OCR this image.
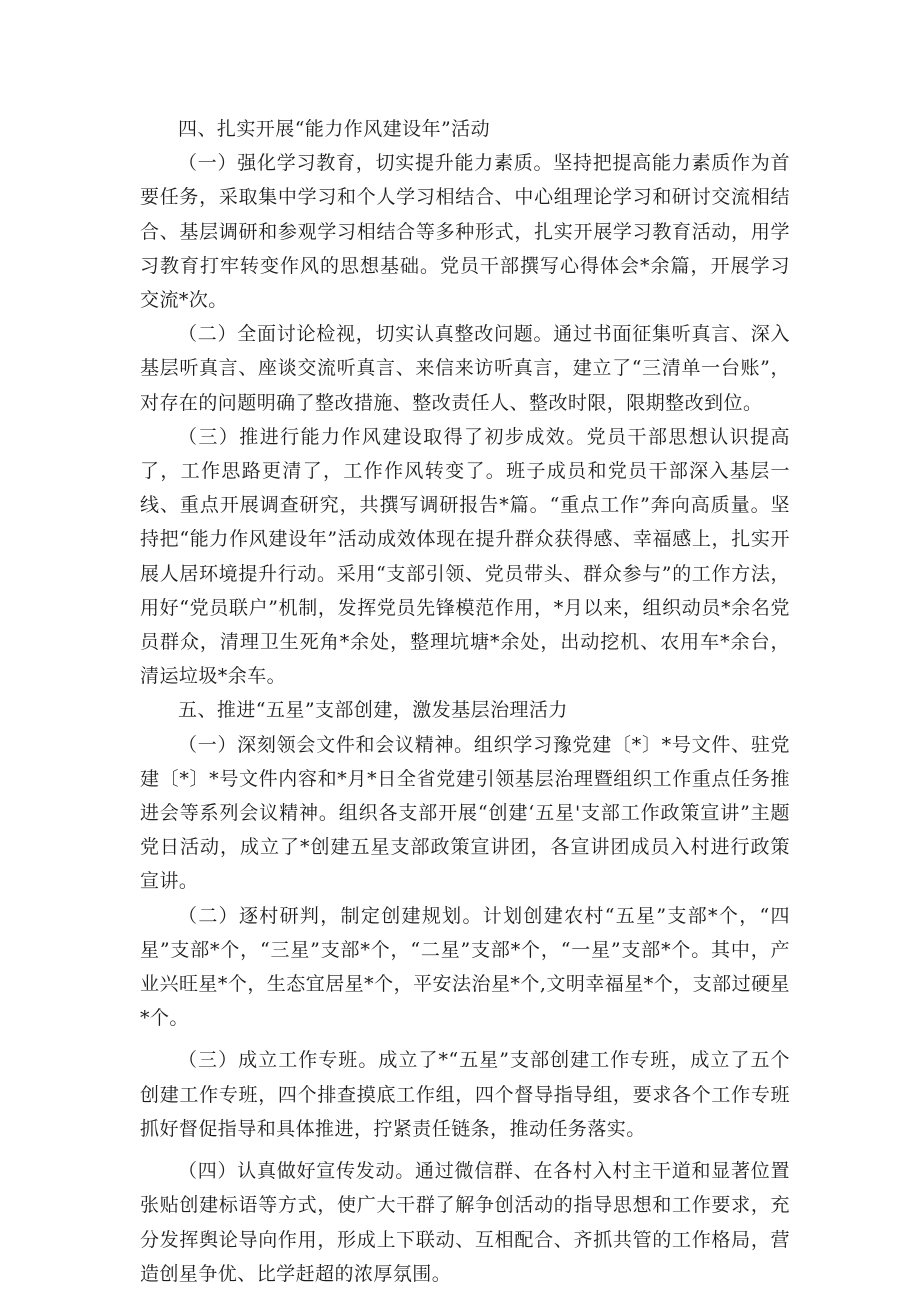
四、扎实开展“能力作风建设年”活动

（一）强化学习教育，切实提升能力素质。坚持把提高能力素质作为首要任务，采取集中学习和个人学习相结合、中心组理论学习和研讨交流相结合、基层调研和参观学习相结合等多种形式，扎实开展学习教育活动，用学习教育打牢转变作风的思想基础。党员干部撰写心得体会*余篇，开展学习交流*次。

（二）全面讨论检视，切实认真整改问题。通过书面征集听真言、深入基层听真言、座谈交流听真言、来信来访听真言，建立了“三清单一台账”，对存在的问题明确了整改措施、整改责任人、整改时限，限期整改到位。

（三）推进行能力作风建设取得了初步成效。党员干部思想认识提高了，工作思路更清了，工作作风转变了。班子成员和党员干部深入基层一线、重点开展调查研究，共撰写调研报告*篇。“重点工作”奔向高质量。坚持把“能力作风建设年”活动成效体现在提升群众获得感、幸福感上，扎实开展人居环境提升行动。采用“支部引领、党员带头、群众参与”的工作方法，用好“党员联户”机制，发挥党员先锋模范作用，*月以来，组织动员*余名党员群众，清理卫生死角*余处，整理坑塘*余处，出动挖机、农用车*余台，清运垃圾*余车。

五、推进“五星”支部创建，激发基层治理活力

（一）深刻领会文件和会议精神。组织学习豫党建〔*〕*号文件、驻党建〔*〕*号文件内容和*月*日全省党建引领基层治理暨组织工作重点任务推进会等系列会议精神。组织各支部开展“创建‘五星'支部工作政策宣讲”主题党日活动，成立了*创建五星支部政策宣讲团，各宣讲团成员入村进行政策宣讲。

（二）逐村研判，制定创建规划。计划创建农村“五星”支部*个，“四星”支部*个，“三星”支部*个，“二星”支部*个，“一星”支部*个。其中，产业兴旺星*个，生态宜居星*个，平安法治星*个,文明幸福星*个，支部过硬星*个。

（三）成立工作专班。成立了*“五星”支部创建工作专班，成立了五个创建工作专班，四个排查摸底工作组，四个督导指导组，要求各个工作专班抓好督促指导和具体推进，拧紧责任链条，推动任务落实。

（四）认真做好宣传发动。通过微信群、在各村入村主干道和显著位置张贴创建标语等方式，使广大干群了解争创活动的指导思想和工作要求，充分发挥舆论导向作用，形成上下联动、互相配合、齐抓共管的工作格局，营造创星争优、比学赶超的浓厚氛围。
